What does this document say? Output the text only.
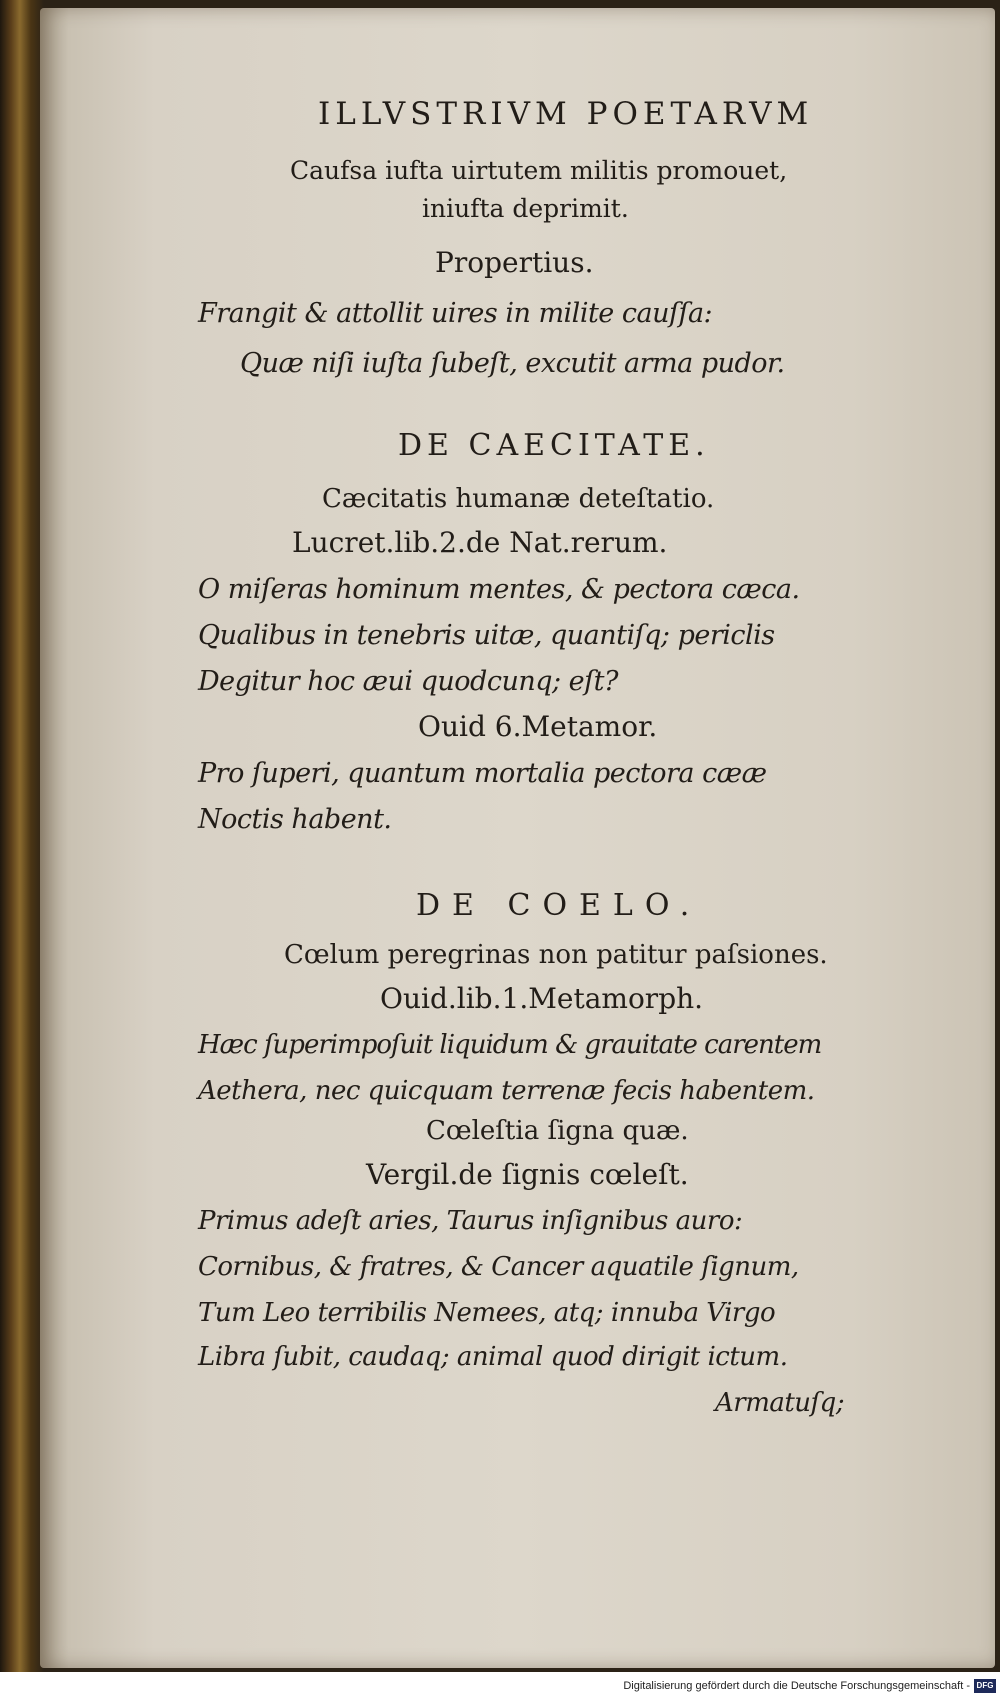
ILLVSTRIVM POETARVM
Caufsa iufta uirtutem militis promouet,
iniufta deprimit.
Propertius.
Frangit & attollit uires in milite cauſſa:
Quæ niſi iuſta ſubeſt, excutit arma pudor.
DE CAECITATE.
Cæcitatis humanæ deteſtatio.
Lucret.lib.2.de Nat.rerum.
O miſeras hominum mentes, & pectora cæca.
Qualibus in tenebris uitæ, quantiſq; periclis
Degitur hoc æui quodcunq; eſt?
Ouid 6.Metamor.
Pro ſuperi, quantum mortalia pectora cææ
Noctis habent.
DE COELO.
Cœlum peregrinas non patitur paſsiones.
Ouid.lib.1.Metamorph.
Hæc ſuperimpoſuit liquidum & grauitate carentem
Aethera, nec quicquam terrenæ fecis habentem.
Cœleſtia ſigna quæ.
Vergil.de ſignis cœleſt.
Primus adeſt aries, Taurus inſignibus auro:
Cornibus, & fratres, & Cancer aquatile ſignum,
Tum Leo terribilis Nemees, atq; innuba Virgo
Libra ſubit, caudaq; animal quod dirigit ictum.
Armatuſq;
Digitalisierung gefördert durch die Deutsche Forschungsgemeinschaft - DFG
